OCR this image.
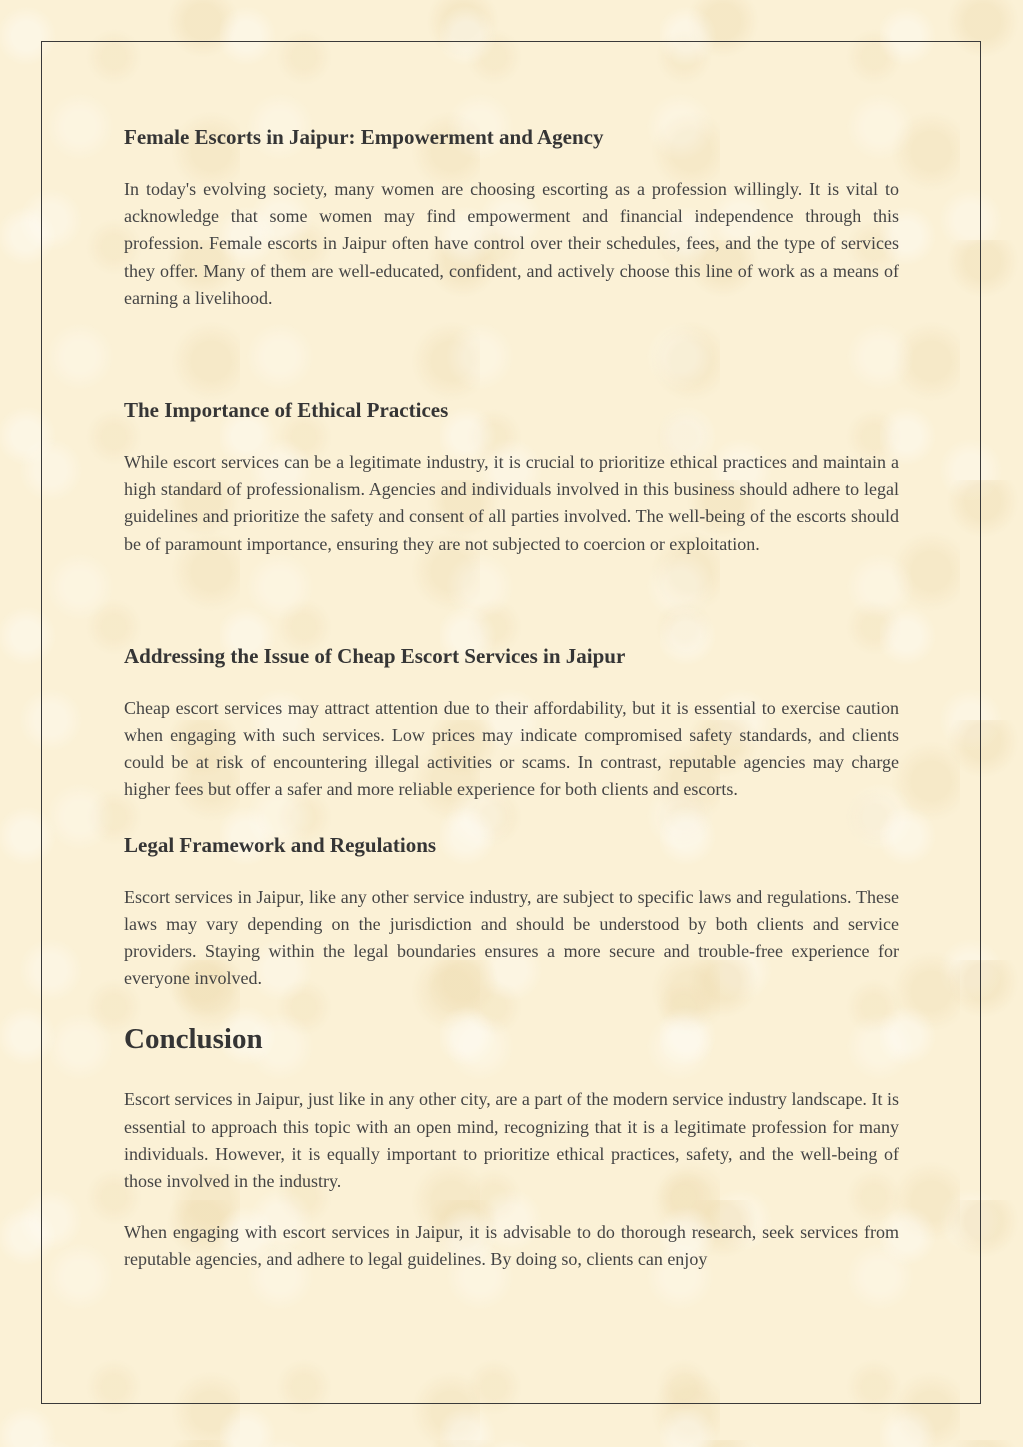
Female Escorts in Jaipur: Empowerment and Agency

In today's evolving society, many women are choosing escorting as a profession willingly. It is vital to acknowledge that some women may find empowerment and financial independence through this profession. Female escorts in Jaipur often have control over their schedules, fees, and the type of services they offer. Many of them are well-educated, confident, and actively choose this line of work as a means of earning a livelihood.

The Importance of Ethical Practices

While escort services can be a legitimate industry, it is crucial to prioritize ethical practices and maintain a high standard of professionalism. Agencies and individuals involved in this business should adhere to legal guidelines and prioritize the safety and consent of all parties involved. The well-being of the escorts should be of paramount importance, ensuring they are not subjected to coercion or exploitation.

Addressing the Issue of Cheap Escort Services in Jaipur

Cheap escort services may attract attention due to their affordability, but it is essential to exercise caution when engaging with such services. Low prices may indicate compromised safety standards, and clients could be at risk of encountering illegal activities or scams. In contrast, reputable agencies may charge higher fees but offer a safer and more reliable experience for both clients and escorts.

Legal Framework and Regulations

Escort services in Jaipur, like any other service industry, are subject to specific laws and regulations. These laws may vary depending on the jurisdiction and should be understood by both clients and service providers. Staying within the legal boundaries ensures a more secure and trouble-free experience for everyone involved.

Conclusion

Escort services in Jaipur, just like in any other city, are a part of the modern service industry landscape. It is essential to approach this topic with an open mind, recognizing that it is a legitimate profession for many individuals. However, it is equally important to prioritize ethical practices, safety, and the well-being of those involved in the industry.

When engaging with escort services in Jaipur, it is advisable to do thorough research, seek services from reputable agencies, and adhere to legal guidelines. By doing so, clients can enjoy
